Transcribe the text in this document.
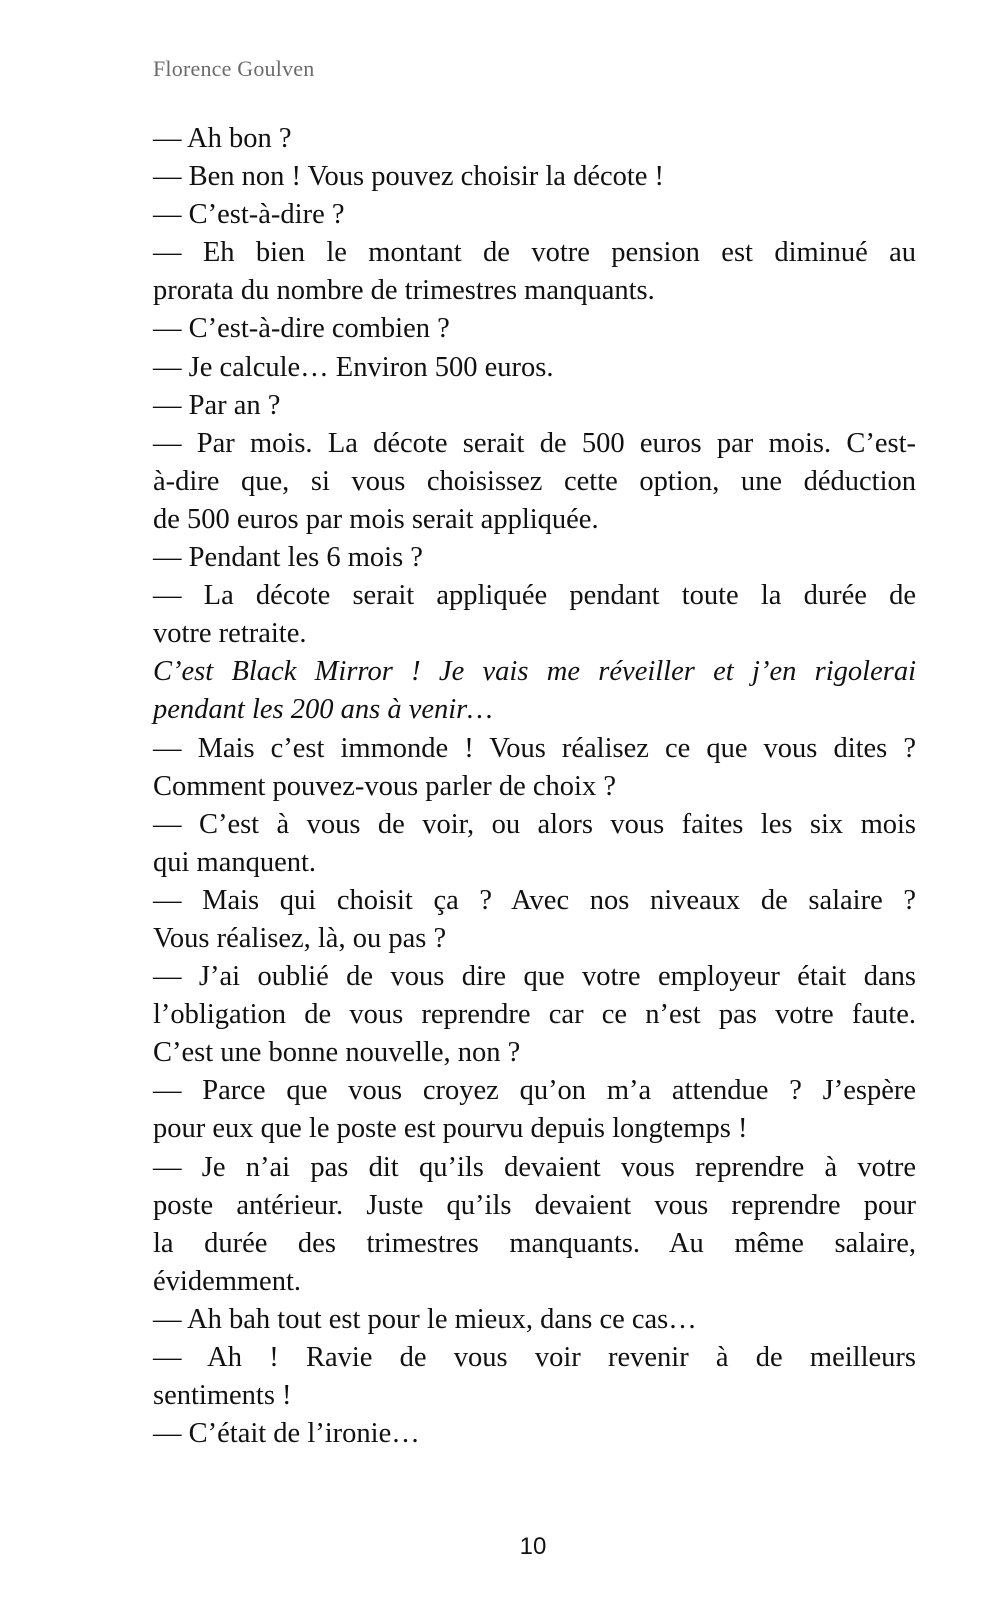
Florence Goulven
— Ah bon ?
— Ben non ! Vous pouvez choisir la décote !
— C’est-à-dire ?
— Eh bien le montant de votre pension est diminué au
prorata du nombre de trimestres manquants.
— C’est-à-dire combien ?
— Je calcule… Environ 500 euros.
— Par an ?
— Par mois. La décote serait de 500 euros par mois. C’est-
à-dire que, si vous choisissez cette option, une déduction
de 500 euros par mois serait appliquée.
— Pendant les 6 mois ?
— La décote serait appliquée pendant toute la durée de
votre retraite.
C’est Black Mirror ! Je vais me réveiller et j’en rigolerai
pendant les 200 ans à venir…
— Mais c’est immonde ! Vous réalisez ce que vous dites ?
Comment pouvez-vous parler de choix ?
— C’est à vous de voir, ou alors vous faites les six mois
qui manquent.
— Mais qui choisit ça ? Avec nos niveaux de salaire ?
Vous réalisez, là, ou pas ?
— J’ai oublié de vous dire que votre employeur était dans
l’obligation de vous reprendre car ce n’est pas votre faute.
C’est une bonne nouvelle, non ?
— Parce que vous croyez qu’on m’a attendue ? J’espère
pour eux que le poste est pourvu depuis longtemps !
— Je n’ai pas dit qu’ils devaient vous reprendre à votre
poste antérieur. Juste qu’ils devaient vous reprendre pour
la durée des trimestres manquants. Au même salaire,
évidemment.
— Ah bah tout est pour le mieux, dans ce cas…
— Ah ! Ravie de vous voir revenir à de meilleurs
sentiments !
— C’était de l’ironie…
10
